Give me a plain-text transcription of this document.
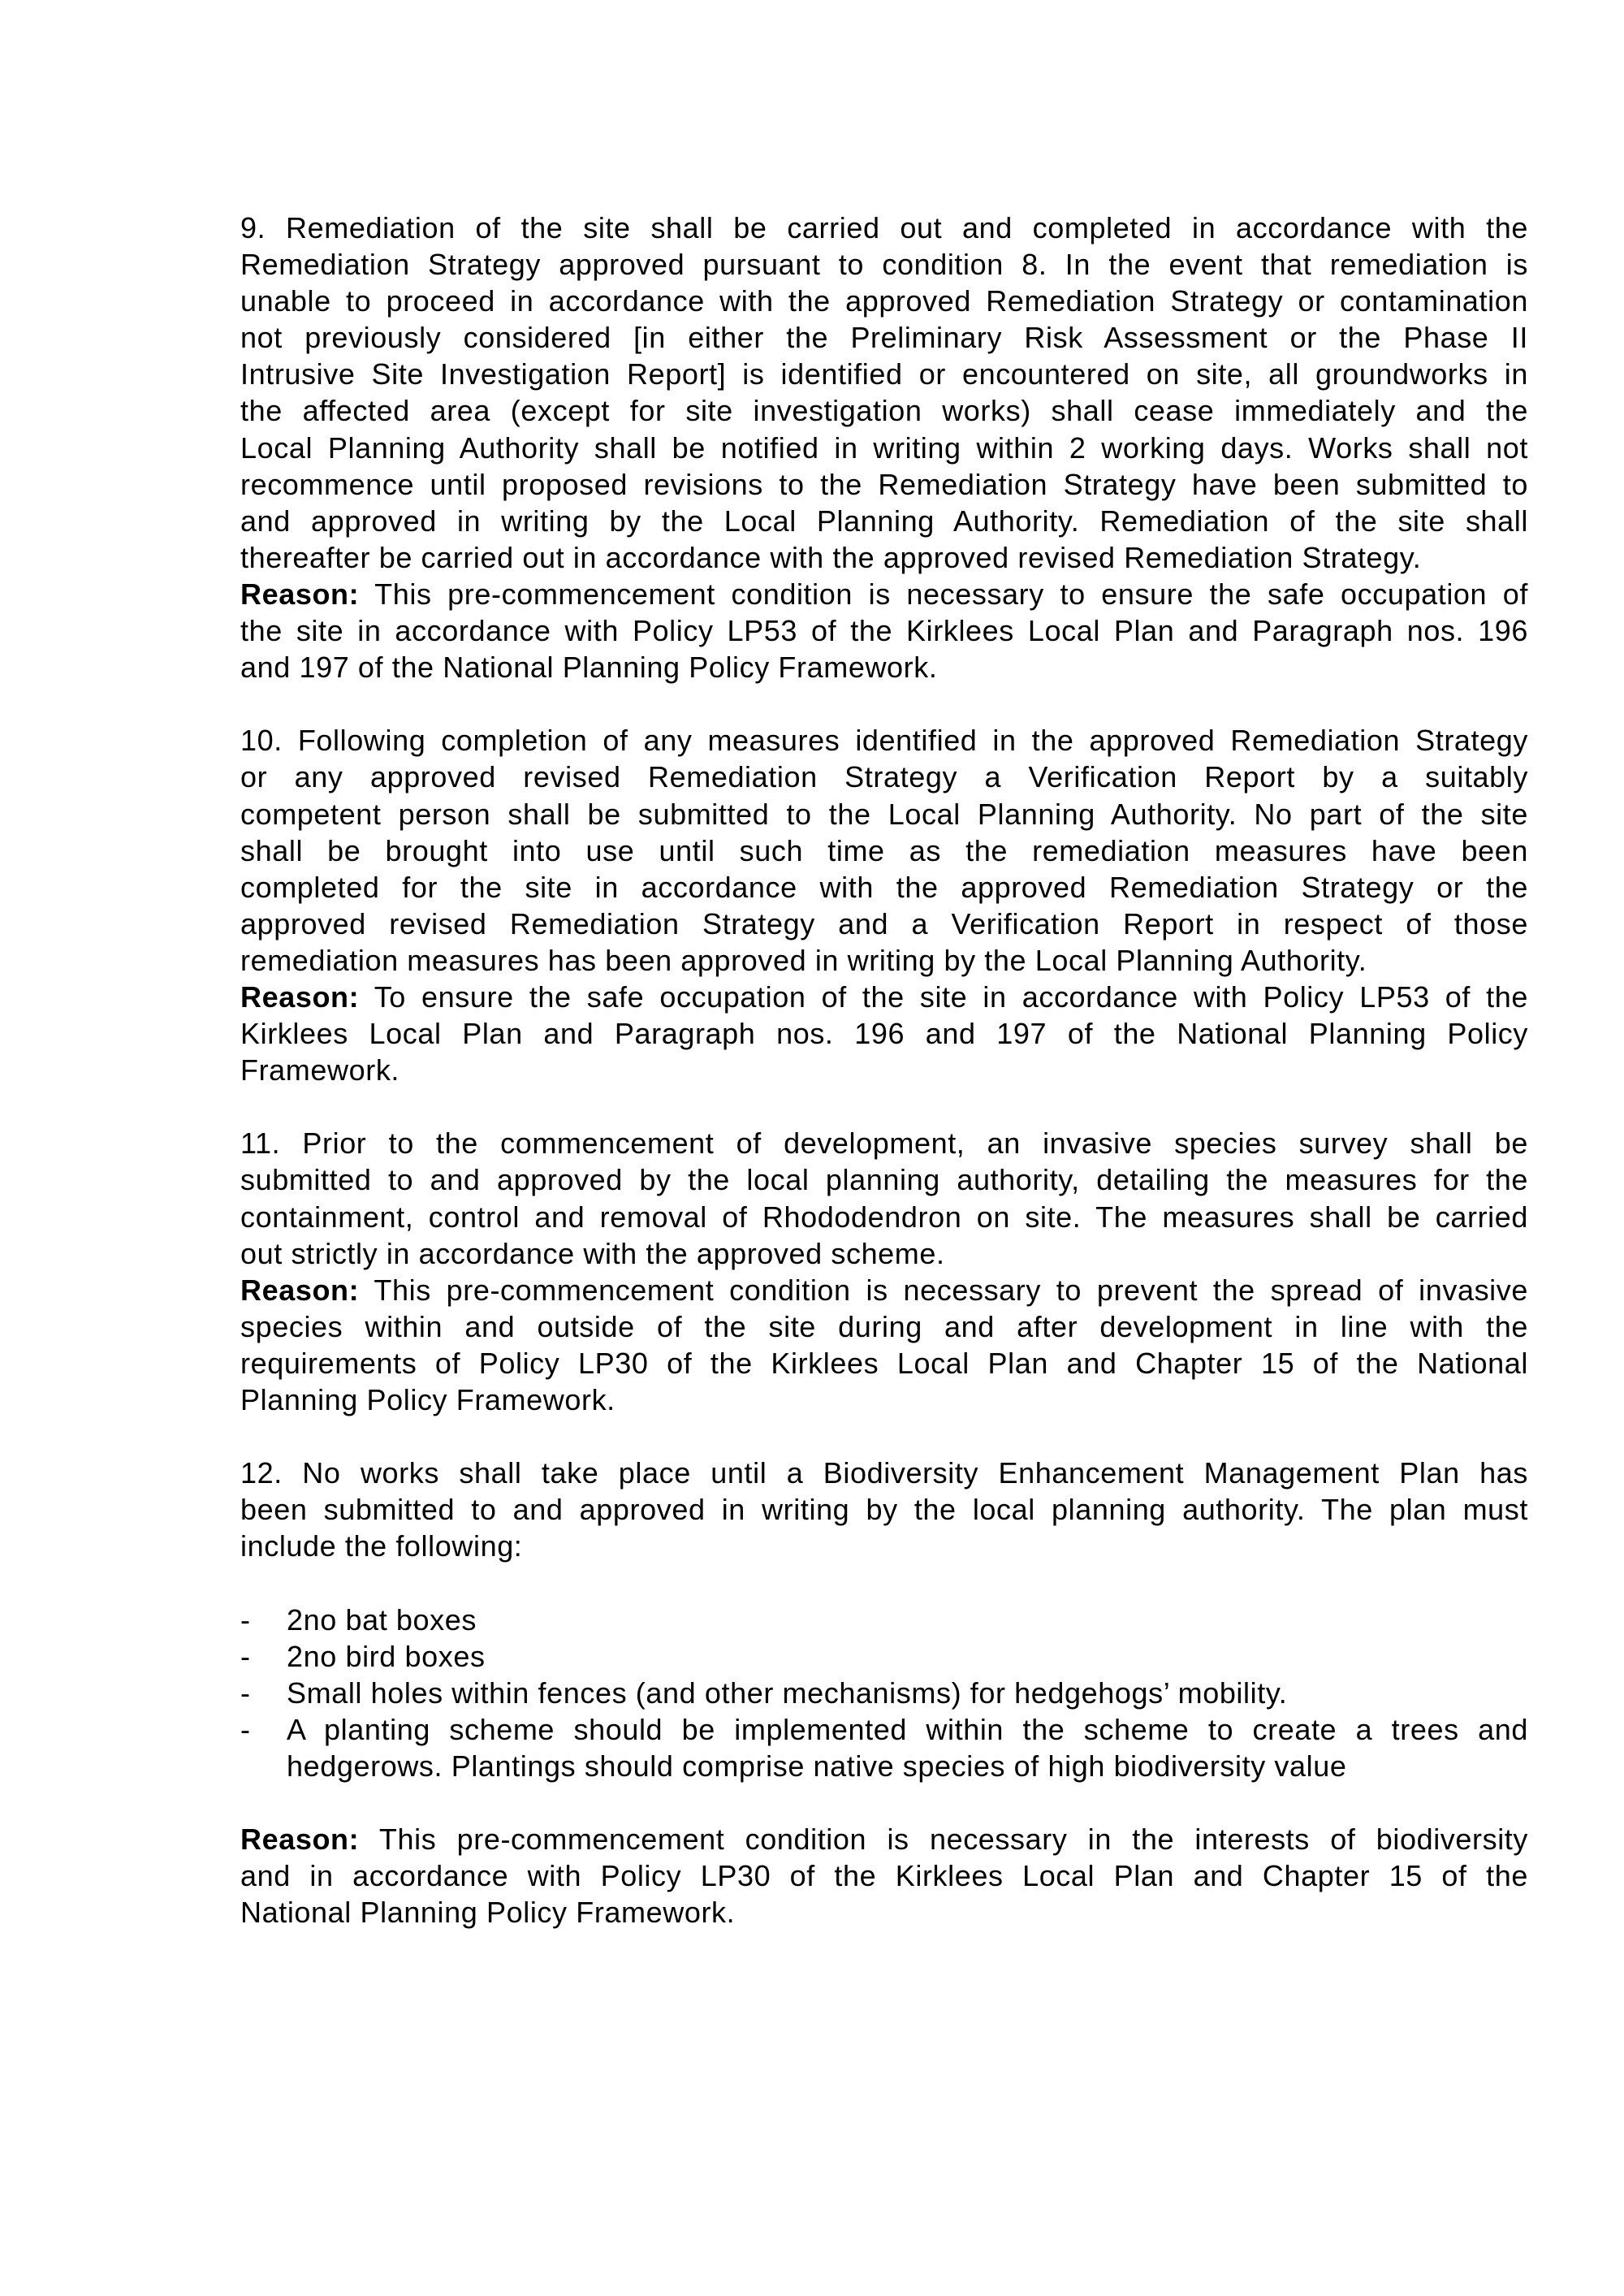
9. Remediation of the site shall be carried out and completed in accordance with the
Remediation Strategy approved pursuant to condition 8. In the event that remediation is
unable to proceed in accordance with the approved Remediation Strategy or contamination
not previously considered [in either the Preliminary Risk Assessment or the Phase II
Intrusive Site Investigation Report] is identified or encountered on site, all groundworks in
the affected area (except for site investigation works) shall cease immediately and the
Local Planning Authority shall be notified in writing within 2 working days. Works shall not
recommence until proposed revisions to the Remediation Strategy have been submitted to
and approved in writing by the Local Planning Authority. Remediation of the site shall
thereafter be carried out in accordance with the approved revised Remediation Strategy.
Reason: This pre-commencement condition is necessary to ensure the safe occupation of
the site in accordance with Policy LP53 of the Kirklees Local Plan and Paragraph nos. 196
and 197 of the National Planning Policy Framework.
10. Following completion of any measures identified in the approved Remediation Strategy
or any approved revised Remediation Strategy a Verification Report by a suitably
competent person shall be submitted to the Local Planning Authority. No part of the site
shall be brought into use until such time as the remediation measures have been
completed for the site in accordance with the approved Remediation Strategy or the
approved revised Remediation Strategy and a Verification Report in respect of those
remediation measures has been approved in writing by the Local Planning Authority.
Reason: To ensure the safe occupation of the site in accordance with Policy LP53 of the
Kirklees Local Plan and Paragraph nos. 196 and 197 of the National Planning Policy
Framework.
11. Prior to the commencement of development, an invasive species survey shall be
submitted to and approved by the local planning authority, detailing the measures for the
containment, control and removal of Rhododendron on site. The measures shall be carried
out strictly in accordance with the approved scheme.
Reason: This pre-commencement condition is necessary to prevent the spread of invasive
species within and outside of the site during and after development in line with the
requirements of Policy LP30 of the Kirklees Local Plan and Chapter 15 of the National
Planning Policy Framework.
12. No works shall take place until a Biodiversity Enhancement Management Plan has
been submitted to and approved in writing by the local planning authority. The plan must
include the following:
- 2no bat boxes
- 2no bird boxes
- Small holes within fences (and other mechanisms) for hedgehogs’ mobility.
- A planting scheme should be implemented within the scheme to create a trees and
hedgerows. Plantings should comprise native species of high biodiversity value
Reason: This pre-commencement condition is necessary in the interests of biodiversity
and in accordance with Policy LP30 of the Kirklees Local Plan and Chapter 15 of the
National Planning Policy Framework.
